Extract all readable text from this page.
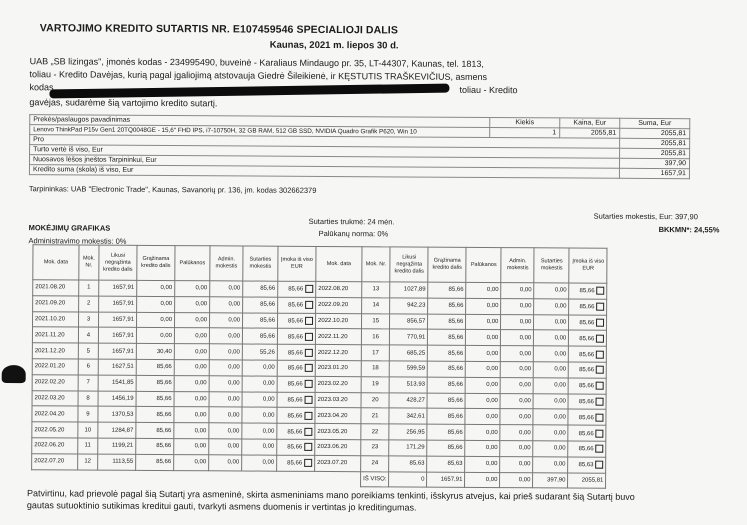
VARTOJIMO KREDITO SUTARTIS NR. E107459546 SPECIALIOJI DALIS
Kaunas, 2021 m. liepos 30 d.
UAB „SB lizingas", įmonės kodas - 234995490, buveinė - Karaliaus Mindaugo pr. 35, LT-44307, Kaunas, tel. 1813,
toliau - Kredito Davėjas, kurią pagal įgaliojimą atstovauja Giedrė Šileikienė, ir KĘSTUTIS TRAŠKEVIČIUS, asmens
kodas	toliau - Kredito
gavėjas, sudarėme šią vartojimo kredito sutartį.
Prekės/paslaugos pavadinimas	Kiekis	Kaina, Eur	Suma, Eur
Lenovo ThinkPad P15v Gen1 20TQ0048GE - 15,6" FHD IPS, i7-10750H, 32 GB RAM, 512 GB SSD, NVIDIA Quadro Grafik P620, Win 10	1	2055,81	2055,81
Pro			2055,81
Turto vertė iš viso, Eur			2055,81
Nuosavos lėšos įneštos Tarpininkui, Eur			397,90
Kredito suma (skola) iš viso, Eur			1657,91
Tarpininkas: UAB "Electronic Trade", Kaunas, Savanorių pr. 136, įm. kodas 302662379
Sutarties mokestis, Eur: 397,90
Sutarties trukmė: 24 mėn.
MOKĖJIMŲ GRAFIKAS
Palūkanų norma: 0%	BKKMN*: 24,55%
Administravimo mokestis: 0%
Mok. data	Mok. Nr.	Likusi negrąžinta kredito dalis	Grąžinama kredito dalis	Palūkanos	Admin. mokestis	Sutarties mokestis	Įmoka iš viso EUR	Mok. data	Mok. Nr.	Likusi negrąžinta kredito dalis	Grąžinama kredito dalis	Palūkanos	Admin. mokestis	Sutarties mokestis	Įmoka iš viso EUR
2021.08.20	1	1657,91	0,00	0,00	0,00	85,66	85,66	2022.08.20	13	1027,89	85,66	0,00	0,00	0,00	85,66
2021.09.20	2	1657,91	0,00	0,00	0,00	85,66	85,66	2022.09.20	14	942,23	85,66	0,00	0,00	0,00	85,66
2021.10.20	3	1657,91	0,00	0,00	0,00	85,66	85,66	2022.10.20	15	856,57	85,66	0,00	0,00	0,00	85,66
2021.11.20	4	1657,91	0,00	0,00	0,00	85,66	85,66	2022.11.20	16	770,91	85,66	0,00	0,00	0,00	85,66
2021.12.20	5	1657,91	30,40	0,00	0,00	55,26	85,66	2022.12.20	17	685,25	85,66	0,00	0,00	0,00	85,66
2022.01.20	6	1627,51	85,66	0,00	0,00	0,00	85,66	2023.01.20	18	599,59	85,66	0,00	0,00	0,00	85,66
2022.02.20	7	1541,85	85,66	0,00	0,00	0,00	85,66	2023.02.20	19	513,93	85,66	0,00	0,00	0,00	85,66
2022.03.20	8	1456,19	85,66	0,00	0,00	0,00	85,66	2023.03.20	20	428,27	85,66	0,00	0,00	0,00	85,66
2022.04.20	9	1370,53	85,66	0,00	0,00	0,00	85,66	2023.04.20	21	342,61	85,66	0,00	0,00	0,00	85,66
2022.05.20	10	1284,87	85,66	0,00	0,00	0,00	85,66	2023.05.20	22	256,95	85,66	0,00	0,00	0,00	85,66
2022.06.20	11	1199,21	85,66	0,00	0,00	0,00	85,66	2023.06.20	23	171,29	85,66	0,00	0,00	0,00	85,66
2022.07.20	12	1113,55	85,66	0,00	0,00	0,00	85,66	2023.07.20	24	85,63	85,63	0,00	0,00	0,00	85,63
									IŠ VISO:	0	1657,91	0,00	0,00	397,90	2055,81
Patvirtinu, kad prievolė pagal šią Sutartį yra asmeninė, skirta asmeniniams mano poreikiams tenkinti, išskyrus atvejus, kai prieš sudarant šią Sutartį buvo
gautas sutuoktinio sutikimas kreditui gauti, tvarkyti asmens duomenis ir vertintas jo kreditingumas.
